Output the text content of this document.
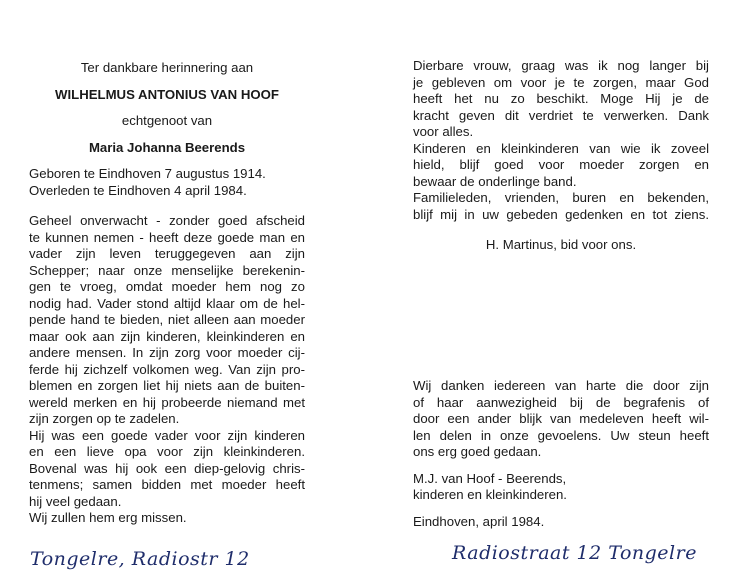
Ter dankbare herinnering aan
WILHELMUS ANTONIUS VAN HOOF
echtgenoot van
Maria Johanna Beerends
Geboren te Eindhoven 7 augustus 1914.
Overleden te Eindhoven 4 april 1984.
Geheel onverwacht - zonder goed afscheid
te kunnen nemen - heeft deze goede man en
vader zijn leven teruggegeven aan zijn
Schepper; naar onze menselijke berekenin-
gen te vroeg, omdat moeder hem nog zo
nodig had. Vader stond altijd klaar om de hel-
pende hand te bieden, niet alleen aan moeder
maar ook aan zijn kinderen, kleinkinderen en
andere mensen. In zijn zorg voor moeder cij-
ferde hij zichzelf volkomen weg. Van zijn pro-
blemen en zorgen liet hij niets aan de buiten-
wereld merken en hij probeerde niemand met
zijn zorgen op te zadelen.
Hij was een goede vader voor zijn kinderen
en een lieve opa voor zijn kleinkinderen.
Bovenal was hij ook een diep-gelovig chris-
tenmens; samen bidden met moeder heeft
hij veel gedaan.
Wij zullen hem erg missen.
Tongelre, Radiostr 12
Dierbare vrouw, graag was ik nog langer bij
je gebleven om voor je te zorgen, maar God
heeft het nu zo beschikt. Moge Hij je de
kracht geven dit verdriet te verwerken. Dank
voor alles.
Kinderen en kleinkinderen van wie ik zoveel
hield, blijf goed voor moeder zorgen en
bewaar de onderlinge band.
Familieleden, vrienden, buren en bekenden,
blijf mij in uw gebeden gedenken en tot ziens.
H. Martinus, bid voor ons.
Wij danken iedereen van harte die door zijn
of haar aanwezigheid bij de begrafenis of
door een ander blijk van medeleven heeft wil-
len delen in onze gevoelens. Uw steun heeft
ons erg goed gedaan.
M.J. van Hoof - Beerends,
kinderen en kleinkinderen.
Eindhoven, april 1984.
Radiostraat 12 Tongelre
